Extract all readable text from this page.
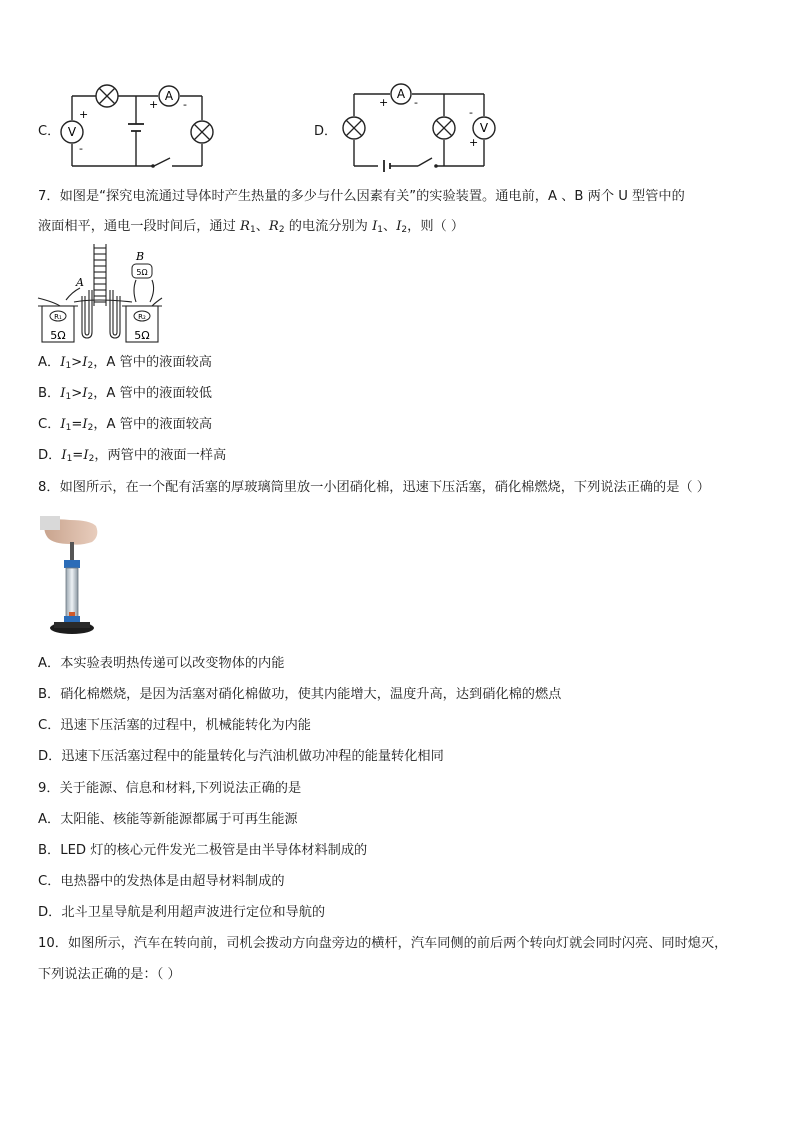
C．
A
+ -
V
+
-
D．
A
+ -
V
-
+
7．如图是“探究电流通过导体时产生热量的多少与什么因素有关”的实验装置。通电前，A 、B 两个 U 型管中的
液面相平，通电一段时间后，通过 $R_1$、$R_2$ 的电流分别为 $I_1$、$I_2$，则（ ）
R₁	R₂
5Ω	5Ω
5Ω
A
B
A．$I_1>I_2$，A 管中的液面较高
B．$I_1>I_2$，A 管中的液面较低
C．$I_1=I_2$，A 管中的液面较高
D．$I_1=I_2$，两管中的液面一样高
8．如图所示，在一个配有活塞的厚玻璃筒里放一小团硝化棉，迅速下压活塞，硝化棉燃烧，下列说法正确的是（ ）
A．本实验表明热传递可以改变物体的内能
B．硝化棉燃烧，是因为活塞对硝化棉做功，使其内能增大，温度升高，达到硝化棉的燃点
C．迅速下压活塞的过程中，机械能转化为内能
D．迅速下压活塞过程中的能量转化与汽油机做功冲程的能量转化相同
9．关于能源、信息和材料,下列说法正确的是
A．太阳能、核能等新能源都属于可再生能源
B．LED 灯的核心元件发光二极管是由半导体材料制成的
C．电热器中的发热体是由超导材料制成的
D．北斗卫星导航是利用超声波进行定位和导航的
10．如图所示，汽车在转向前，司机会拨动方向盘旁边的横杆，汽车同侧的前后两个转向灯就会同时闪亮、同时熄灭，
下列说法正确的是：（ ）
